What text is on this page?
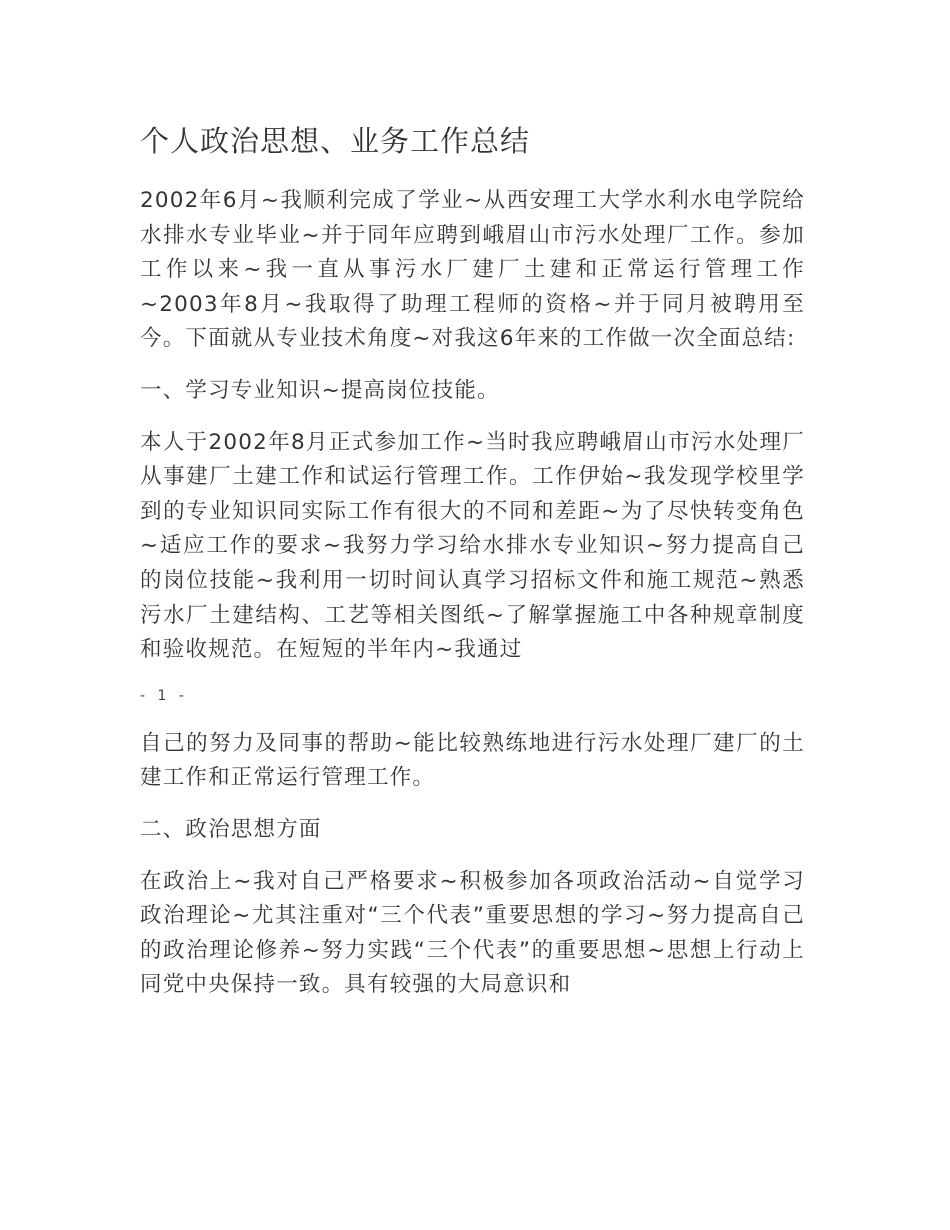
个人政治思想、业务工作总结

2002年6月~我顺利完成了学业~从西安理工大学水利水电学院给水排水专业毕业~并于同年应聘到峨眉山市污水处理厂工作。参加工作以来~我一直从事污水厂建厂土建和正常运行管理工作~2003年8月~我取得了助理工程师的资格~并于同月被聘用至今。下面就从专业技术角度~对我这6年来的工作做一次全面总结:

一、学习专业知识~提高岗位技能。

本人于2002年8月正式参加工作~当时我应聘峨眉山市污水处理厂从事建厂土建工作和试运行管理工作。工作伊始~我发现学校里学到的专业知识同实际工作有很大的不同和差距~为了尽快转变角色~适应工作的要求~我努力学习给水排水专业知识~努力提高自己的岗位技能~我利用一切时间认真学习招标文件和施工规范~熟悉污水厂土建结构、工艺等相关图纸~了解掌握施工中各种规章制度和验收规范。在短短的半年内~我通过

- 1 -

自己的努力及同事的帮助~能比较熟练地进行污水处理厂建厂的土建工作和正常运行管理工作。

二、政治思想方面

在政治上~我对自己严格要求~积极参加各项政治活动~自觉学习政治理论~尤其注重对“三个代表”重要思想的学习~努力提高自己的政治理论修养~努力实践“三个代表”的重要思想~思想上行动上同党中央保持一致。具有较强的大局意识和
